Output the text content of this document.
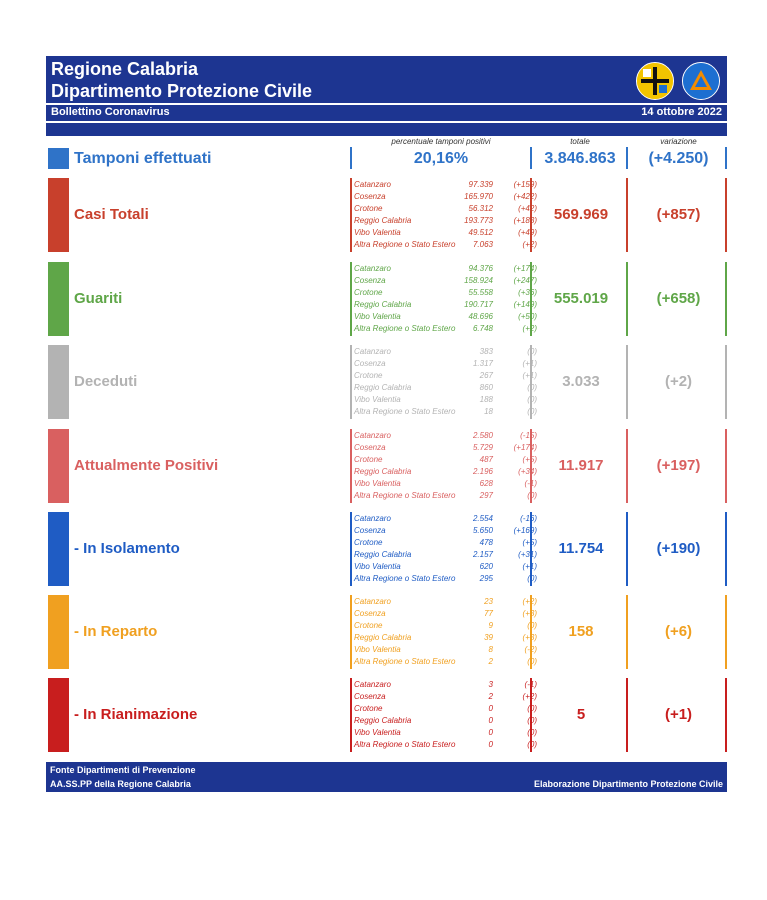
Regione Calabria
Dipartimento Protezione Civile
Bollettino Coronavirus	14 ottobre 2022
percentuale tamponi positivi	totale	variazione
Tamponi effettuati	20,16%	3.846.863	(+4.250)
Casi Totali
Catanzaro	97.339	(+159)
Cosenza	165.970	(+422)
Crotone	56.312	(+42)
Reggio Calabria	193.773	(+183)
Vibo Valentia	49.512	(+49)
Altra Regione o Stato Estero 7.063	(+2)
569.969	(+857)
Guariti
Catanzaro	94.376	(+174)
Cosenza	158.924	(+247)
Crotone	55.558	(+36)
Reggio Calabria	190.717	(+149)
Vibo Valentia	48.696	(+50)
Altra Regione o Stato Estero 6.748	(+2)
555.019	(+658)
Deceduti
Catanzaro	383	(0)
Cosenza	1.317	(+1)
Crotone	267	(+1)
Reggio Calabria	860	(0)
Vibo Valentia	188	(0)
Altra Regione o Stato Estero	18	(0)
3.033	(+2)
Attualmente Positivi
Catanzaro	2.580	(-15)
Cosenza	5.729	(+174)
Crotone	487	(+5)
Reggio Calabria	2.196	(+34)
Vibo Valentia	628	(-1)
Altra Regione o Stato Estero	297	(0)
11.917	(+197)
- In Isolamento
Catanzaro	2.554	(-16)
Cosenza	5.650	(+169)
Crotone	478	(+5)
Reggio Calabria	2.157	(+31)
Vibo Valentia	620	(+1)
Altra Regione o Stato Estero	295	(0)
11.754	(+190)
- In Reparto
Catanzaro	23	(+2)
Cosenza	77	(+3)
Crotone	9	(0)
Reggio Calabria	39	(+3)
Vibo Valentia	8	(-2)
Altra Regione o Stato Estero	2	(0)
158	(+6)
- In Rianimazione
Catanzaro	3	(-1)
Cosenza	2	(+2)
Crotone	0	(0)
Reggio Calabria	0	(0)
Vibo Valentia	0	(0)
Altra Regione o Stato Estero	0	(0)
5	(+1)
Fonte Dipartimenti di Prevenzione
AA.SS.PP della Regione Calabria	Elaborazione Dipartimento Protezione Civile
